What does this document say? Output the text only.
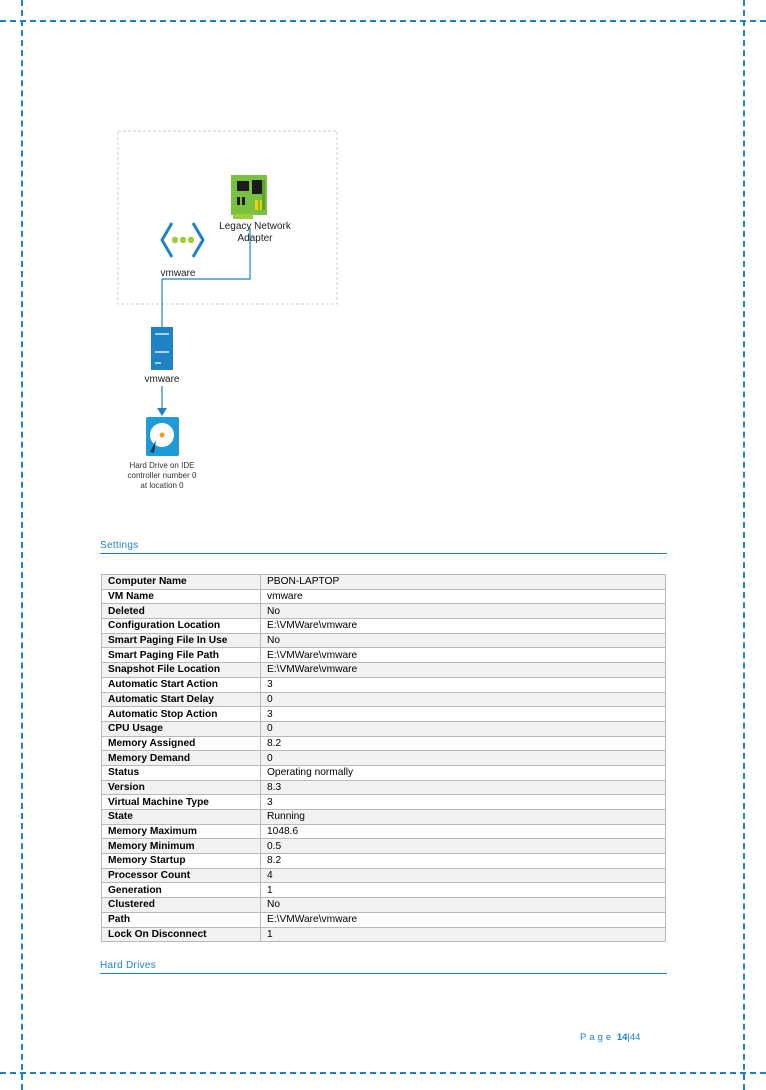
Legacy Network
Adapter
vmware
vmware
Hard Drive on IDE
controller number 0
at location 0
Settings
Computer Name	PBON-LAPTOP
VM Name	vmware
Deleted	No
Configuration Location	E:\VMWare\vmware
Smart Paging File In Use	No
Smart Paging File Path	E:\VMWare\vmware
Snapshot File Location	E:\VMWare\vmware
Automatic Start Action	3
Automatic Start Delay	0
Automatic Stop Action	3
CPU Usage	0
Memory Assigned	8.2
Memory Demand	0
Status	Operating normally
Version	8.3
Virtual Machine Type	3
State	Running
Memory Maximum	1048.6
Memory Minimum	0.5
Memory Startup	8.2
Processor Count	4
Generation	1
Clustered	No
Path	E:\VMWare\vmware
Lock On Disconnect	1
Hard Drives
Page 14|44
